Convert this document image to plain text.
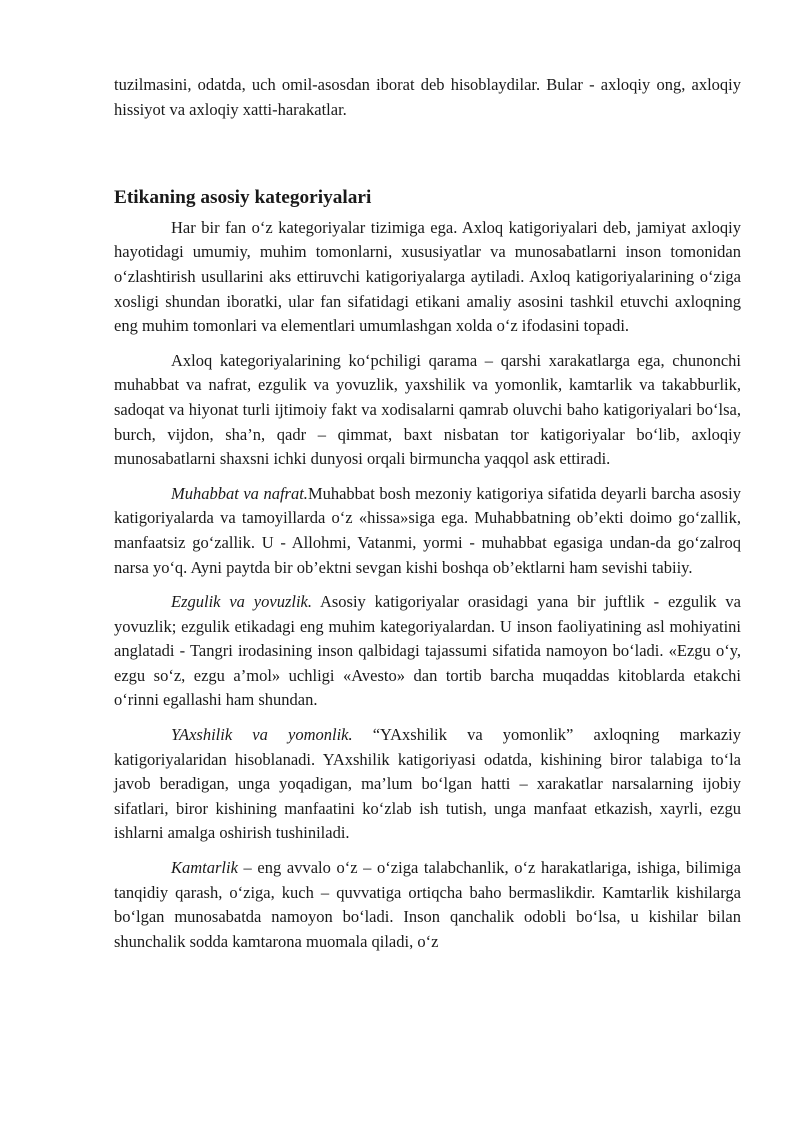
tuzilmasini, odatda, uch omil-asosdan iborat deb hisoblaydilar. Bular - axloqiy ong, axloqiy hissiyot va axloqiy xatti-harakatlar.

Etikaning asosiy kategoriyalari

Har bir fan o‘z kategoriyalar tizimiga ega. Axloq katigoriyalari deb, jamiyat axloqiy hayotidagi umumiy, muhim tomonlarni, xususiyatlar va munosabatlarni inson tomonidan o‘zlashtirish usullarini aks ettiruvchi katigoriyalarga aytiladi. Axloq katigoriyalarining o‘ziga xosligi shundan iboratki, ular fan sifatidagi etikani amaliy asosini tashkil etuvchi axloqning eng muhim tomonlari va elementlari umumlashgan xolda o‘z ifodasini topadi.

Axloq kategoriyalarining ko‘pchiligi qarama – qarshi xarakatlarga ega, chunonchi muhabbat va nafrat, ezgulik va yovuzlik, yaxshilik va yomonlik, kamtarlik va takabburlik, sadoqat va hiyonat turli ijtimoiy fakt va xodisalarni qamrab oluvchi baho katigoriyalari bo‘lsa, burch, vijdon, sha’n, qadr – qimmat, baxt nisbatan tor katigoriyalar bo‘lib, axloqiy munosabatlarni shaxsni ichki dunyosi orqali birmuncha yaqqol ask ettiradi.

Muhabbat va nafrat.Muhabbat bosh mezoniy katigoriya sifatida deyarli barcha asosiy katigoriyalarda va tamoyillarda o‘z «hissa»siga ega. Muhabbatning ob’ekti doimo go‘zallik, manfaatsiz go‘zallik. U - Allohmi, Vatanmi, yormi - muhabbat egasiga undan-da go‘zalroq narsa yo‘q. Ayni paytda bir ob’ektni sevgan kishi boshqa ob’ektlarni ham sevishi tabiiy.

Ezgulik va yovuzlik. Asosiy katigoriyalar orasidagi yana bir juftlik - ezgulik va yovuzlik; ezgulik etikadagi eng muhim kategoriyalardan. U inson faoliyatining asl mohiyatini anglatadi - Tangri irodasining inson qalbidagi tajassumi sifatida namoyon bo‘ladi. «Ezgu o‘y, ezgu so‘z, ezgu a’mol» uchligi «Avesto» dan tortib barcha muqaddas kitoblarda etakchi o‘rinni egallashi ham shundan.

YAxshilik va yomonlik. “YAxshilik va yomonlik” axloqning markaziy katigoriyalaridan hisoblanadi. YAxshilik katigoriyasi odatda, kishining biror talabiga to‘la javob beradigan, unga yoqadigan, ma’lum bo‘lgan hatti – xarakatlar narsalarning ijobiy sifatlari, biror kishining manfaatini ko‘zlab ish tutish, unga manfaat etkazish, xayrli, ezgu ishlarni amalga oshirish tushiniladi.

Kamtarlik – eng avvalo o‘z – o‘ziga talabchanlik, o‘z harakatlariga, ishiga, bilimiga tanqidiy qarash, o‘ziga, kuch – quvvatiga ortiqcha baho bermaslikdir. Kamtarlik kishilarga bo‘lgan munosabatda namoyon bo‘ladi. Inson qanchalik odobli bo‘lsa, u kishilar bilan shunchalik sodda kamtarona muomala qiladi, o‘z
